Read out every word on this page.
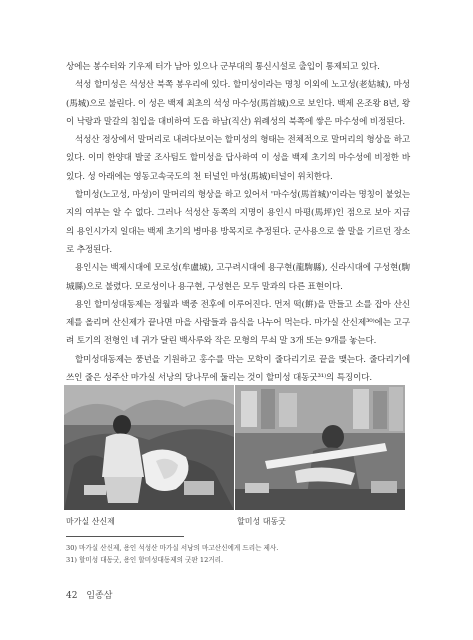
상에는 봉수터와 기우제 터가 남아 있으나 군부대의 통신시설로 출입이 통제되고 있다.

석성 할미성은 석성산 북쪽 봉우리에 있다. 할미성이라는 명칭 이외에 노고성(老姑城), 마성(馬城)으로 불린다. 이 성은 백제 최초의 석성 마수성(馬首城)으로 보인다. 백제 온조왕 8년, 왕이 낙랑과 말갈의 침입을 대비하여 도읍 하남(직산) 위례성의 북쪽에 쌓은 마수성에 비정된다.

석성산 정상에서 말머리로 내려다보이는 할미성의 형태는 전체적으로 말머리의 형상을 하고 있다. 이미 한양대 발굴 조사팀도 할미성을 답사하여 이 성을 백제 초기의 마수성에 비정한 바 있다. 성 아래에는 영동고속국도의 천 터널인 마성(馬城)터널이 위치한다.

할미성(노고성, 마성)이 말머리의 형상을 하고 있어서 '마수성(馬首城)'이라는 명칭이 붙었는지의 여부는 알 수 없다. 그러나 석성산 동쪽의 지명이 용인시 마평(馬坪)인 점으로 보아 지금의 용인시가지 일대는 백제 초기의 병마용 방목지로 추정된다. 군사용으로 쓸 말을 기르던 장소로 추정된다.

용인시는 백제시대에 모로성(牟盧城), 고구려시대에 용구현(龍駒縣), 신라시대에 구성현(駒城縣)으로 불렸다. 모로성이나 용구현, 구성현은 모두 말과의 다른 표현이다.

용인 할미성대동제는 정월과 백중 전후에 이루어진다. 먼저 떡(餠)을 만들고 소를 잡아 산신제를 올리며 산신제가 끝나면 마을 사람들과 음식을 나누어 먹는다. 마가실 산신제³⁰⁾에는 고구려 토기의 전형인 네 귀가 달린 백사루와 작은 모형의 무쇠 말 3개 또는 9개를 놓는다.

할미성대동제는 풍년을 기원하고 홍수를 막는 모학이 줄다리기로 끝을 맺는다. 줄다리기에 쓰인 줄은 성주산 마가실 서낭의 당나무에 둘리는 것이 할미성 대동굿³¹⁾의 특징이다.

마가실 산신제	할미성 대동굿
30) 마가실 산신제, 용인 석성산 마가실 서낭의 마고산신에게 드리는 제사.
31) 할미성 대동굿, 용인 할미성대동제의 굿판 12거리.
42 임종삼
